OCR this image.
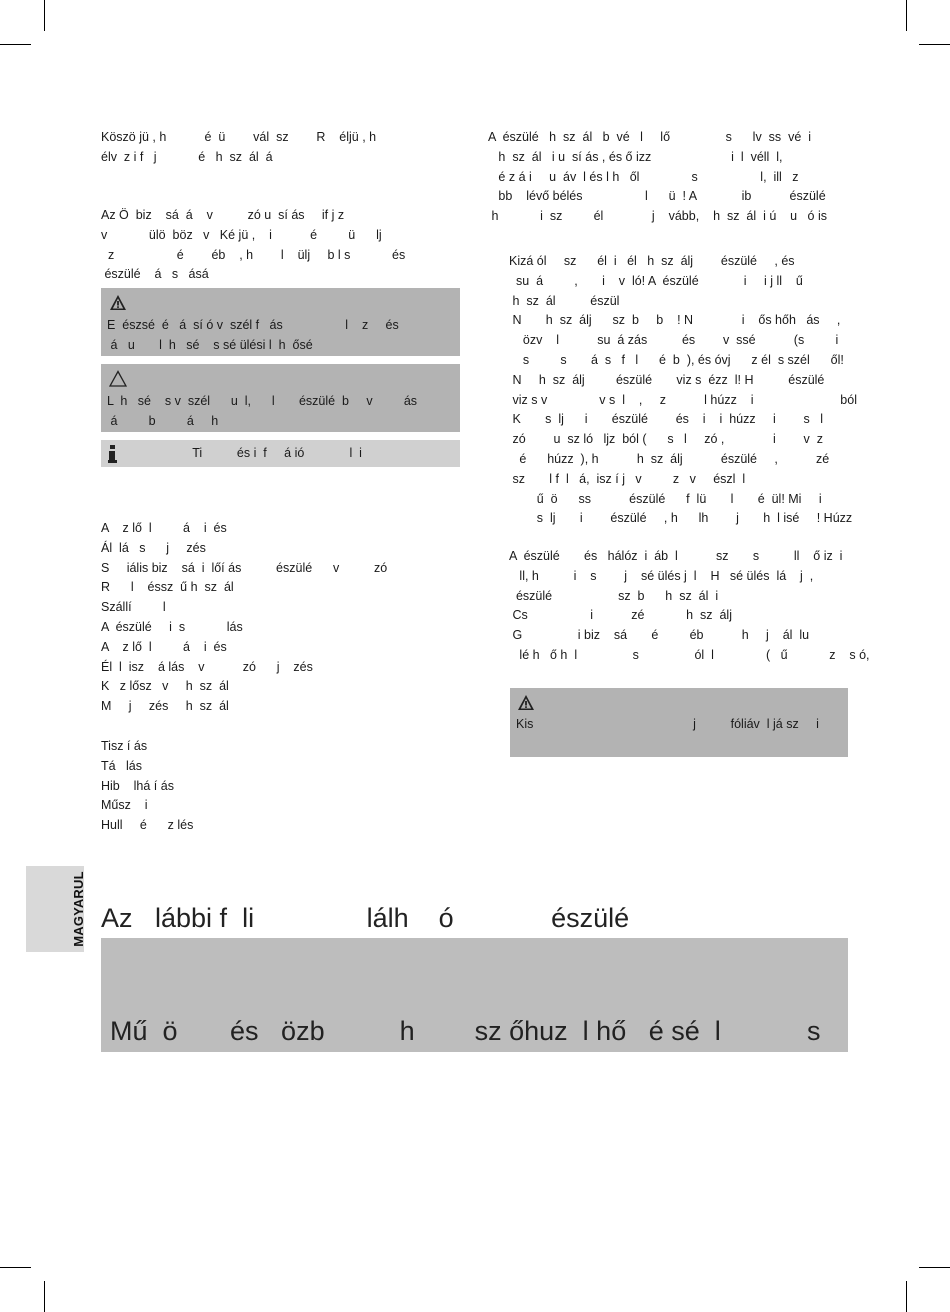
Köszö jü , h           é  ü        vál  sz        R    éljü , h
élv  z i f   j            é   h  sz  ál  á
Az Ö  biz    sá  á    v          zó u  sí ás     if j z
v            ülö  böz   v   Ké jü ,    i           é         ü      lj
z                  é        éb    , h        l    ülj     b l s            és
észülé    á   s   ásá
E  észsé  é   á  sí ó v  szél f   ás                  l    z     és
á   u       l  h   sé    s sé ülési l  h  ősé
L  h   sé    s v  szél      u  l,      l       észülé  b     v         ás
á         b         á     h
Ti          és i  f     á ió             l  i
A    z lő  l         á    i  és
Ál  lá   s      j     zés
S     iális biz    sá  i  lőí ás          észülé      v          zó
R      l    éssz  ű h  sz  ál
Szállí         l
A  észülé     i  s            lás
A    z lő  l         á    i  és
Él  l  isz    á lás    v           zó      j    zés
K   z lősz   v     h  sz  ál
M     j     zés     h  sz  ál
Tisz í ás
Tá   lás
Hib    lhá í ás
Műsz    i
Hull     é      z lés
A  észülé   h  sz  ál   b  vé   l     lő                s      lv  ss  vé  i
h  sz  ál   i u  sí ás , és ő izz                       i  l  véll  l,
é z á i     u  áv  l és l h   ől               s                  l,  ill   z
bb    lévő bélés                  l      ü  ! A             ib           észülé
h            i  sz         él              j    vább,    h  sz  ál  i ú    u   ó is
Kizá ól     sz      él  i   él   h  sz  álj        észülé     , és
su  á         ,       i    v  ló! A  észülé             i     i j ll    ű
h  sz  ál          észül
N       h  sz  álj      sz  b     b    ! N              i    ős hőh   ás     ,
özv    l           su  á zás          és        v  ssé           (s         i
s         s       á  s   f   l      é  b  ), és óvj      z él  s szél      ől!
N     h  sz  álj         észülé       viz s  ézz  l! H          észülé
viz s v               v s  l    ,     z           l húzz    i                         ból
K       s  lj      i       észülé        és    i    i  húzz     i        s   l
zó        u  sz ló   ljz  ból (      s   l     zó ,              i        v  z
é      húzz  ), h           h  sz  álj           észülé     ,           zé
sz       l f  l   á,  isz í j   v         z   v     észl  l
ű  ö      ss           észülé      f  lü       l       é  ül! Mi     i
s  lj       i        észülé     , h      lh        j       h  l isé     ! Húzz
A  észülé       és   hálóz  i  áb  l           sz       s          ll    ő iz  i
ll, h          i    s        j    sé ülés j  l    H   sé ülés  lá    j  ,
észülé                   sz  b      h  sz  ál  i
Cs                  i           zé            h  sz  álj
G                i biz    sá       é         éb           h     j    ál  lu
lé h   ő h  l                s                ól  l               (   ű            z    s ó,
Kis                                              j          fóliáv  l já sz     i
MAGYARUL Az   lábbi f  li               lálh    ó             észülé
Mű  ö       és   özb          h        sz őhuz  l hő   é sé  l	s
